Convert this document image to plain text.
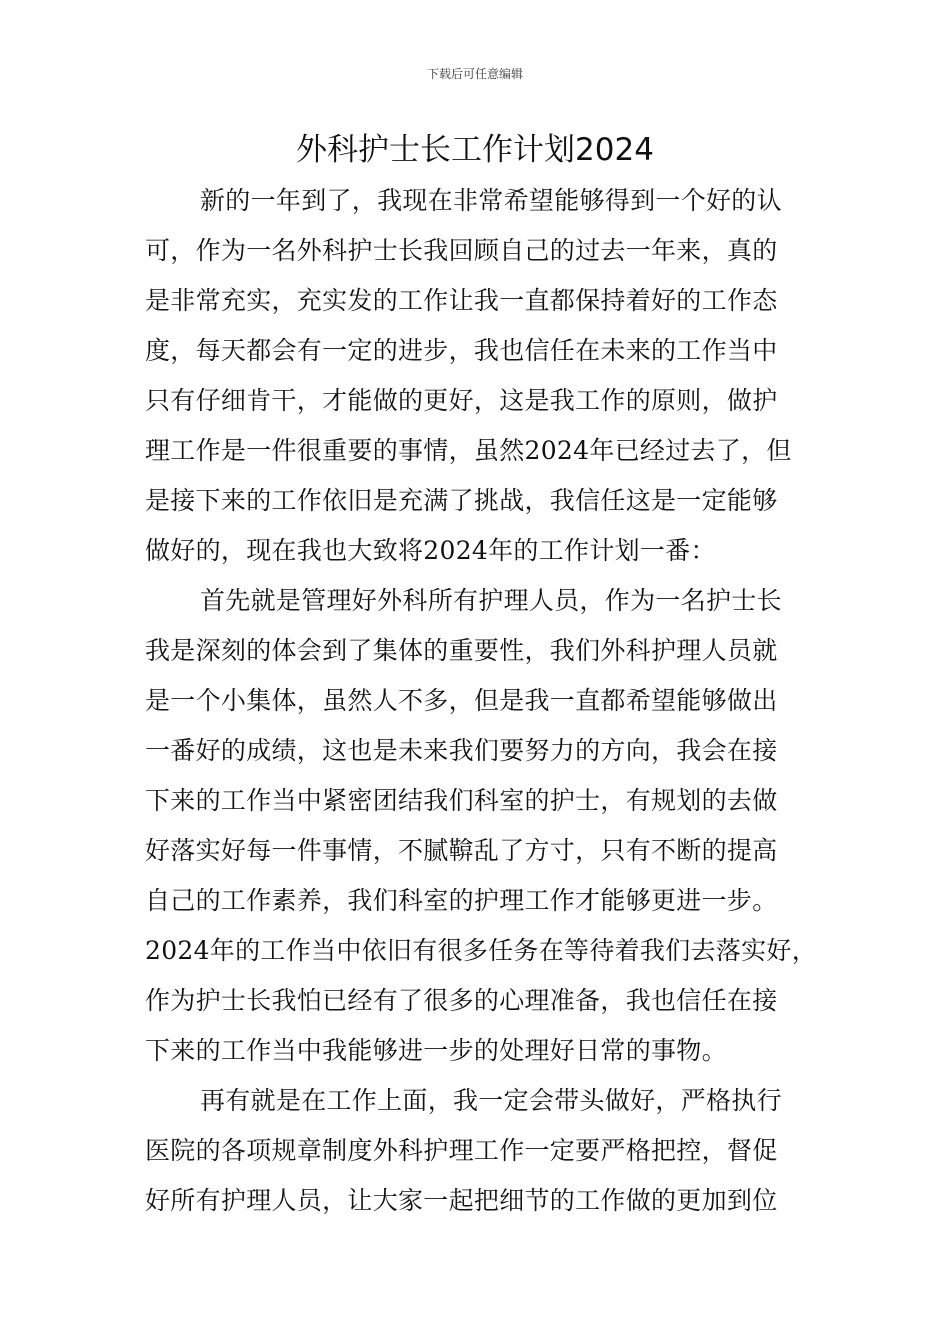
下载后可任意编辑
外科护士长工作计划2024
新的一年到了，我现在非常希望能够得到一个好的认
可，作为一名外科护士长我回顾自己的过去一年来，真的
是非常充实，充实发的工作让我一直都保持着好的工作态
度，每天都会有一定的进步，我也信任在未来的工作当中
只有仔细肯干，才能做的更好，这是我工作的原则，做护
理工作是一件很重要的事情，虽然2024年已经过去了，但
是接下来的工作依旧是充满了挑战，我信任这是一定能够
做好的，现在我也大致将2024年的工作计划一番：
首先就是管理好外科所有护理人员，作为一名护士长
我是深刻的体会到了集体的重要性，我们外科护理人员就
是一个小集体，虽然人不多，但是我一直都希望能够做出
一番好的成绩，这也是未来我们要努力的方向，我会在接
下来的工作当中紧密团结我们科室的护士，有规划的去做
好落实好每一件事情，不腻鞥乱了方寸，只有不断的提高
自己的工作素养，我们科室的护理工作才能够更进一步。
2024年的工作当中依旧有很多任务在等待着我们去落实好，
作为护士长我怕已经有了很多的心理准备，我也信任在接
下来的工作当中我能够进一步的处理好日常的事物。
再有就是在工作上面，我一定会带头做好，严格执行
医院的各项规章制度外科护理工作一定要严格把控，督促
好所有护理人员，让大家一起把细节的工作做的更加到位
